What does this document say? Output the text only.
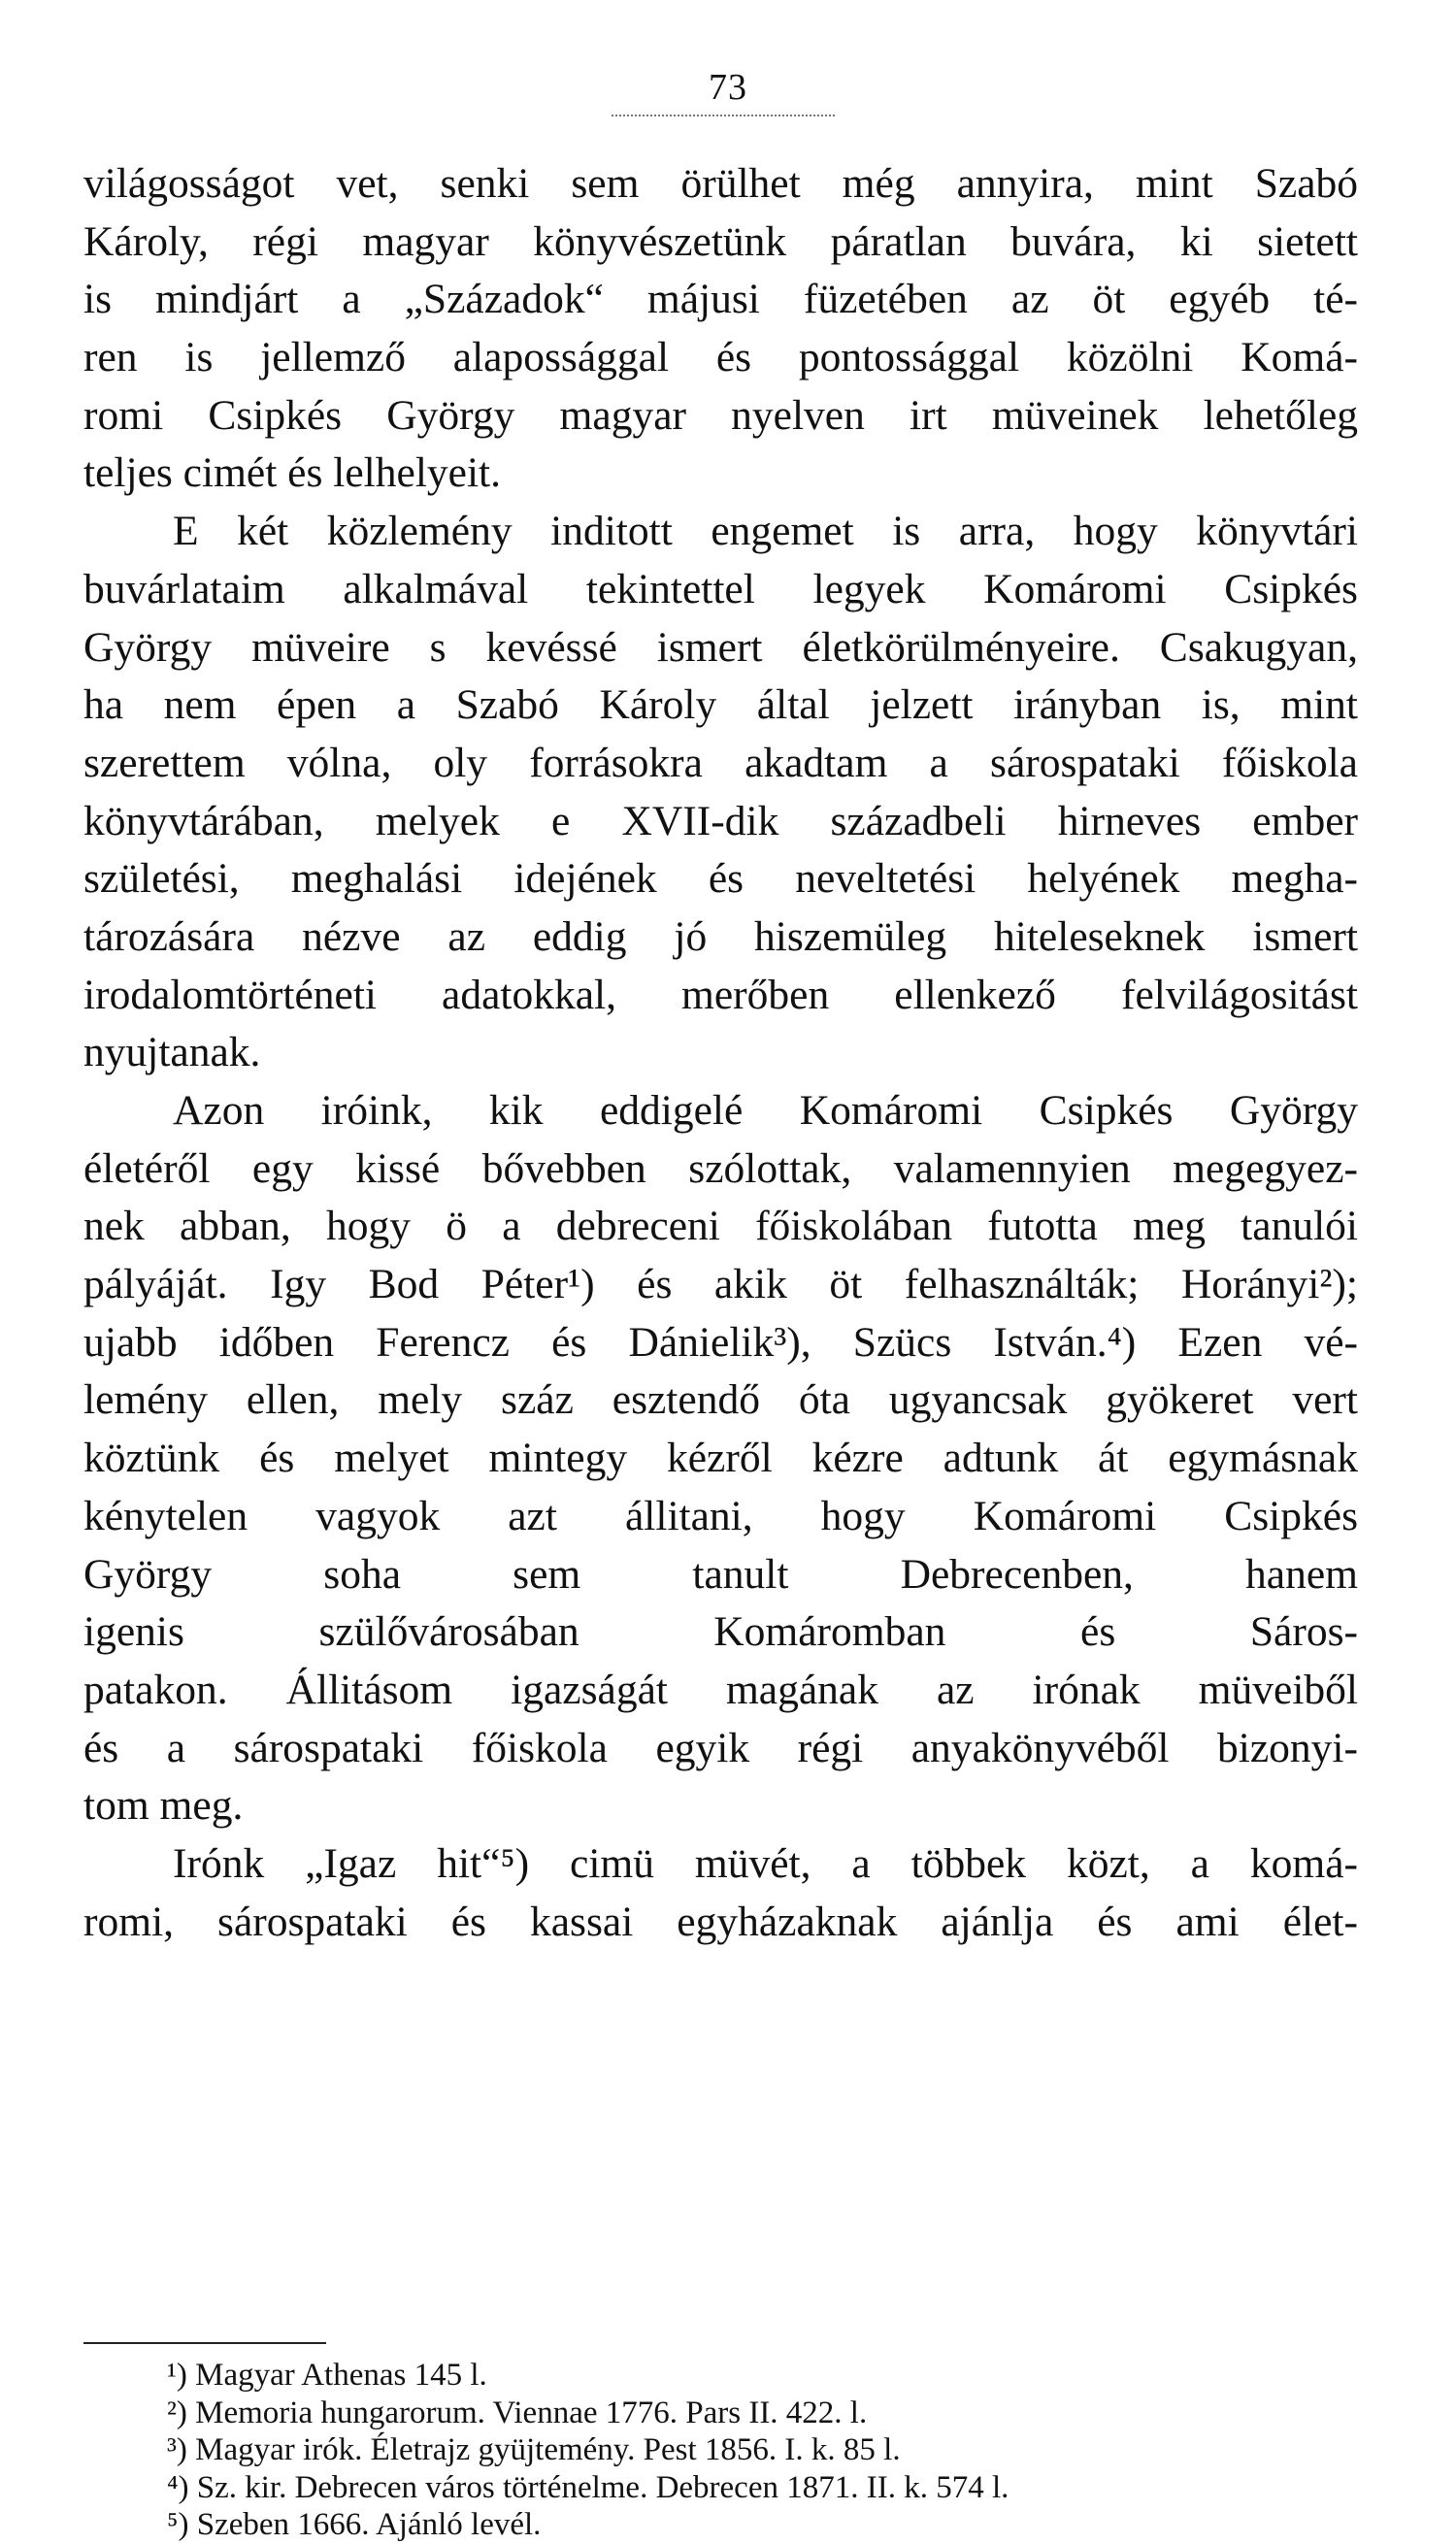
73
világosságot vet, senki sem örülhet még annyira, mint Szabó
Károly, régi magyar könyvészetünk páratlan buvára, ki sietett
is mindjárt a „Századok“ májusi füzetében az öt egyéb té-
ren is jellemző alapossággal és pontossággal közölni Komá-
romi Csipkés György magyar nyelven irt müveinek lehetőleg
teljes cimét és lelhelyeit.
E két közlemény inditott engemet is arra, hogy könyvtári
buvárlataim alkalmával tekintettel legyek Komáromi Csipkés
György müveire s kevéssé ismert életkörülményeire. Csakugyan,
ha nem épen a Szabó Károly által jelzett irányban is, mint
szerettem vólna, oly forrásokra akadtam a sárospataki főiskola
könyvtárában, melyek e XVII-dik századbeli hirneves ember
születési, meghalási idejének és neveltetési helyének megha-
tározására nézve az eddig jó hiszemüleg hiteleseknek ismert
irodalomtörténeti adatokkal, merőben ellenkező felvilágositást
nyujtanak.
Azon iróink, kik eddigelé Komáromi Csipkés György
életéről egy kissé bővebben szólottak, valamennyien megegyez-
nek abban, hogy ö a debreceni főiskolában futotta meg tanulói
pályáját. Igy Bod Péter¹) és akik öt felhasználták; Horányi²);
ujabb időben Ferencz és Dánielik³), Szücs István.⁴) Ezen vé-
lemény ellen, mely száz esztendő óta ugyancsak gyökeret vert
köztünk és melyet mintegy kézről kézre adtunk át egymásnak
kénytelen vagyok azt állitani, hogy Komáromi Csipkés
György soha sem tanult Debrecenben, hanem
igenis szülővárosában Komáromban és Sáros-
patakon. Állitásom igazságát magának az irónak müveiből
és a sárospataki főiskola egyik régi anyakönyvéből bizonyi-
tom meg.
Irónk „Igaz hit“⁵) cimü müvét, a többek közt, a komá-
romi, sárospataki és kassai egyházaknak ajánlja és ami élet-
¹) Magyar Athenas 145 l.
²) Memoria hungarorum. Viennae 1776. Pars II. 422. l.
³) Magyar irók. Életrajz gyüjtemény. Pest 1856. I. k. 85 l.
⁴) Sz. kir. Debrecen város történelme. Debrecen 1871. II. k. 574 l.
⁵) Szeben 1666. Ajánló levél.
